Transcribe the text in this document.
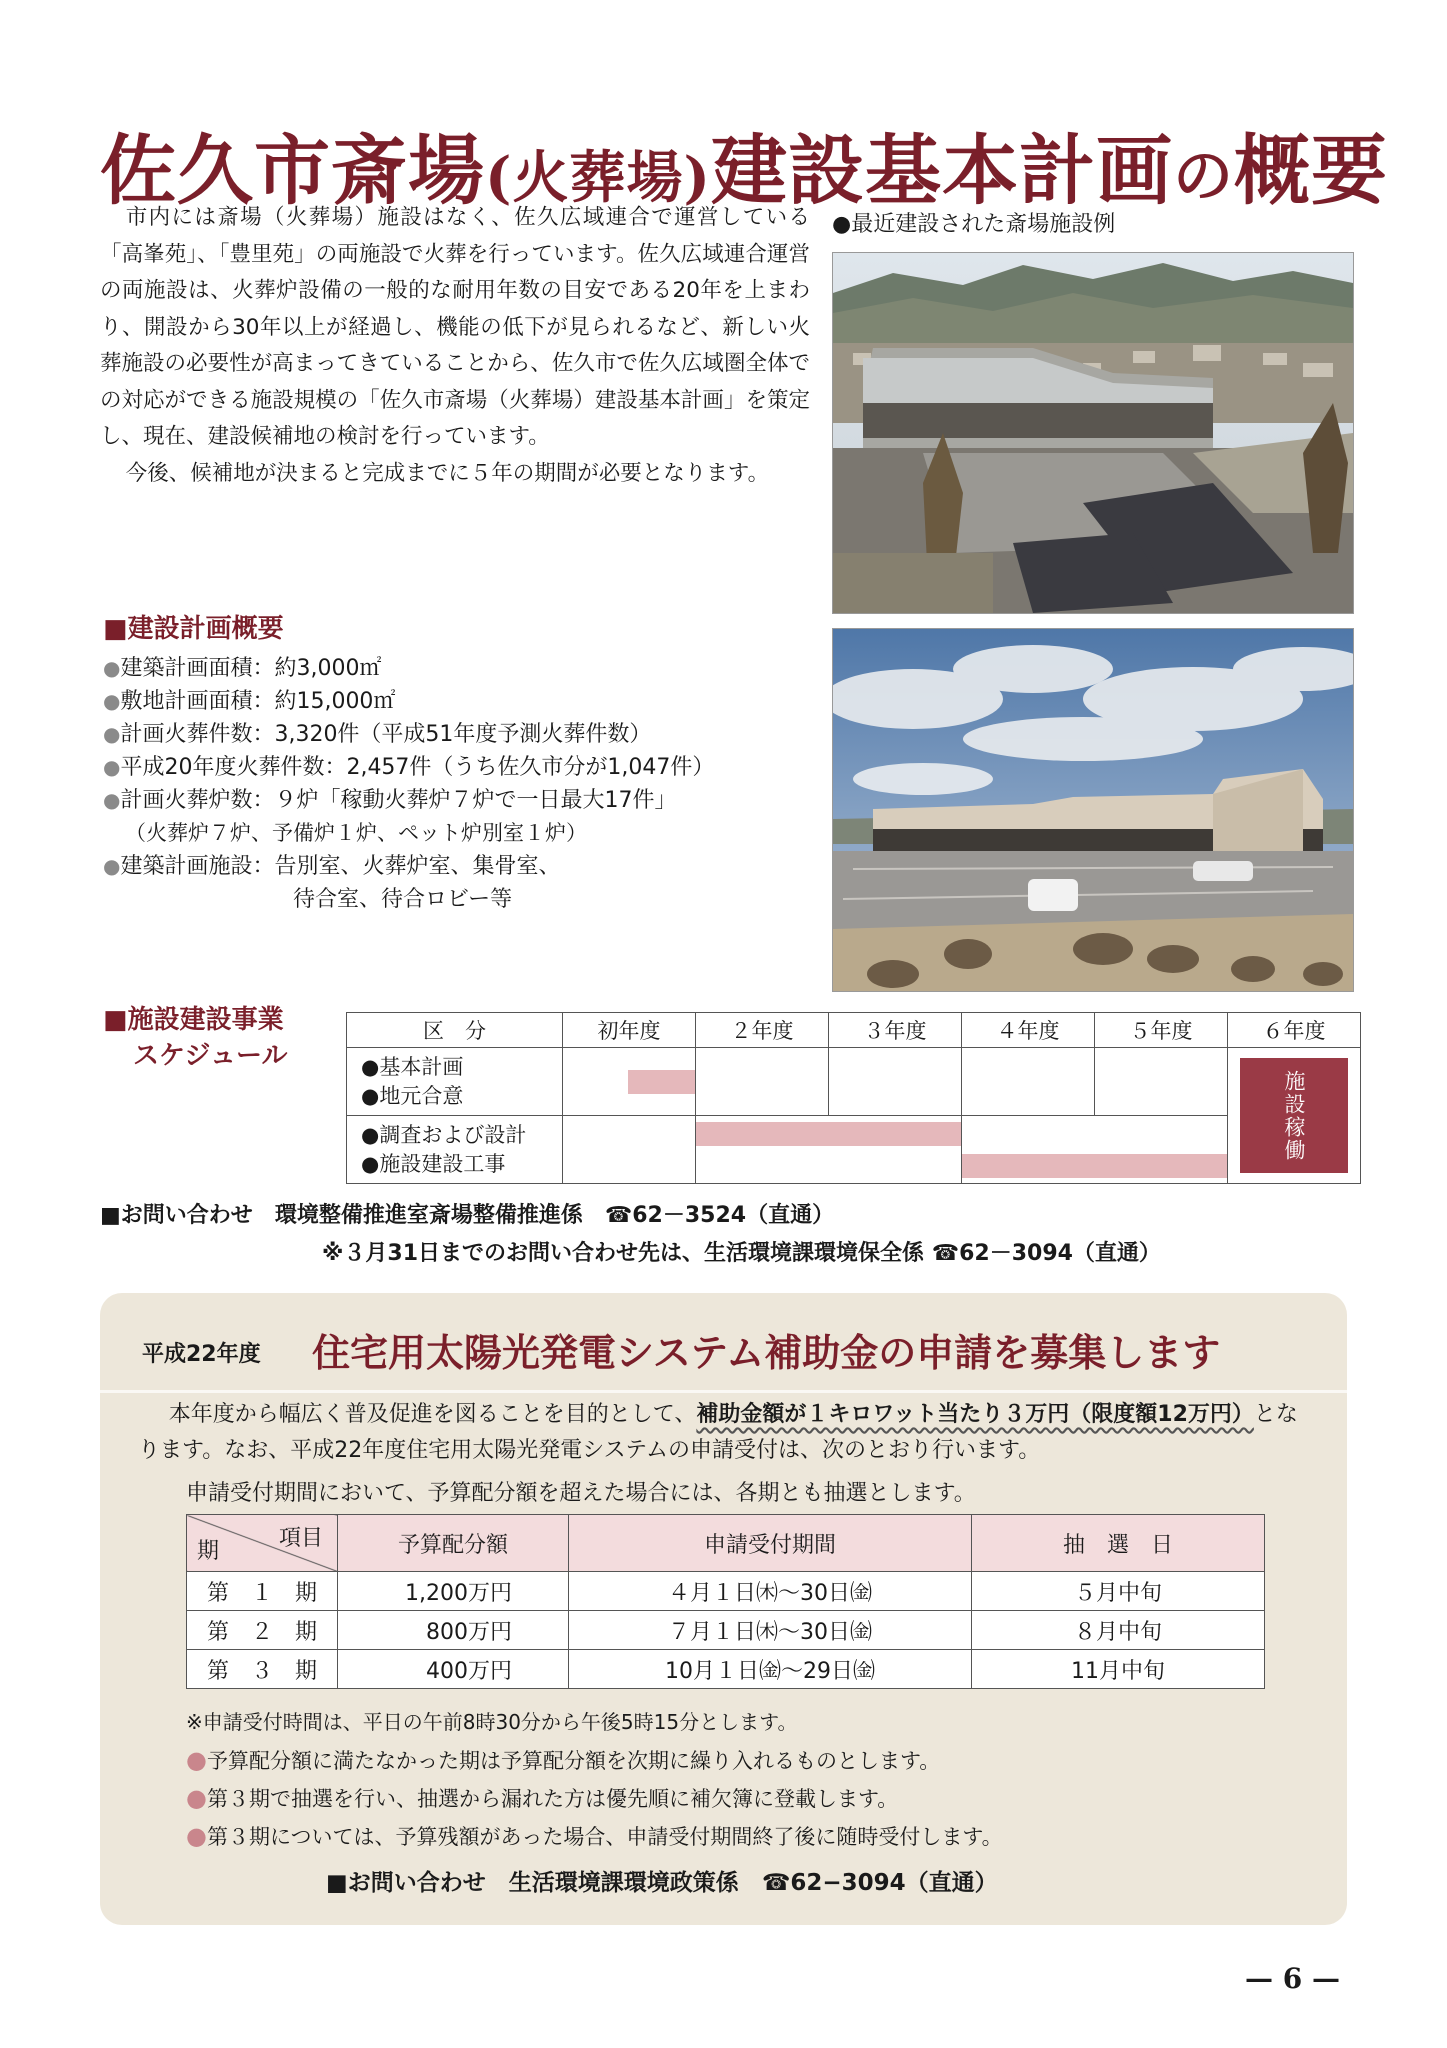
佐久市斎場(火葬場)建設基本計画の概要

市内には斎場（火葬場）施設はなく、佐久広域連合で運営している「高峯苑」、「豊里苑」の両施設で火葬を行っています。佐久広域連合運営の両施設は、火葬炉設備の一般的な耐用年数の目安である20年を上まわり、開設から30年以上が経過し、機能の低下が見られるなど、新しい火葬施設の必要性が高まってきていることから、佐久市で佐久広域圏全体での対応ができる施設規模の「佐久市斎場（火葬場）建設基本計画」を策定し、現在、建設候補地の検討を行っています。

今後、候補地が決まると完成までに５年の期間が必要となります。

●最近建設された斎場施設例
■建設計画概要
●建築計画面積：約3,000㎡
●敷地計画面積：約15,000㎡
●計画火葬件数：3,320件（平成51年度予測火葬件数）
●平成20年度火葬件数：2,457件（うち佐久市分が1,047件）
●計画火葬炉数：９炉「稼動火葬炉７炉で一日最大17件」
（火葬炉７炉、予備炉１炉、ペット炉別室１炉）
●建築計画施設：告別室、火葬炉室、集骨室、
待合室、待合ロビー等
■施設建設事業
スケジュール
区　分	初年度	２年度	３年度	４年度	５年度	６年度

●基本計画
●地元合意						施設稼働

●調査および設計
●施設建設工事						

■お問い合わせ　 環境整備推進室斎場整備推進係　 ☎62－3524（直通）
※３月31日までのお問い合わせ先は、生活環境課環境保全係 ☎62－3094（直通）
平成22年度 住宅用太陽光発電システム補助金の申請を募集します

本年度から幅広く普及促進を図ることを目的として、補助金額が１キロワット当たり３万円（限度額12万円）となります。なお、平成22年度住宅用太陽光発電システムの申請受付は、次のとおり行います。

申請受付期間において、予算配分額を超えた場合には、各期とも抽選とします。
項目
期	予算配分額	申請受付期間	抽　選　日
第　１　期	1,200万円	４月１日㈭～30日㈮	５月中旬
第　２　期	800万円	７月１日㈭～30日㈮	８月中旬
第　３　期	400万円	10月１日㈮～29日㈮	11月中旬
※申請受付時間は、平日の午前8時30分から午後5時15分とします。
●予算配分額に満たなかった期は予算配分額を次期に繰り入れるものとします。
●第３期で抽選を行い、抽選から漏れた方は優先順に補欠簿に登載します。
●第３期については、予算残額があった場合、申請受付期間終了後に随時受付します。
■お問い合わせ　生活環境課環境政策係　☎62−3094（直通）
— 6 —
